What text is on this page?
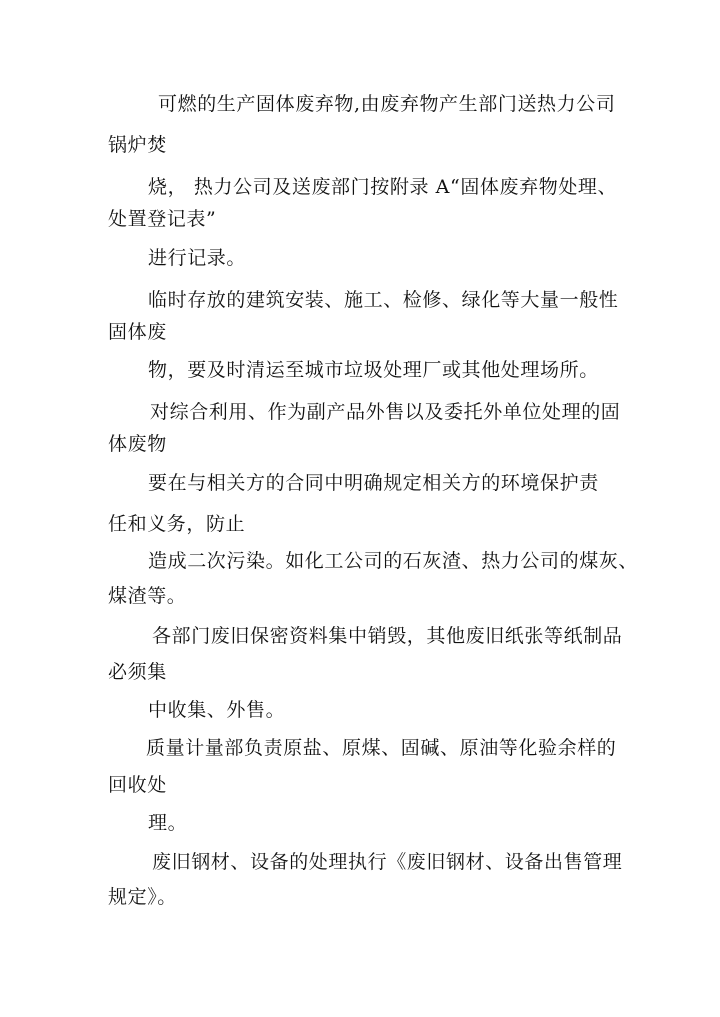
可燃的生产固体废弃物,由废弃物产生部门送热力公司

锅炉焚

烧， 热力公司及送废部门按附录 A“固体废弃物处理、

处置登记表”

进行记录。

临时存放的建筑安装、施工、检修、绿化等大量一般性

固体废

物，要及时清运至城市垃圾处理厂或其他处理场所。

对综合利用、作为副产品外售以及委托外单位处理的固

体废物

要在与相关方的合同中明确规定相关方的环境保护责

任和义务，防止

造成二次污染。如化工公司的石灰渣、热力公司的煤灰、

煤渣等。

各部门废旧保密资料集中销毁，其他废旧纸张等纸制品

必须集

中收集、外售。

质量计量部负责原盐、原煤、固碱、原油等化验余样的

回收处

理。

废旧钢材、设备的处理执行《废旧钢材、设备出售管理

规定》。
